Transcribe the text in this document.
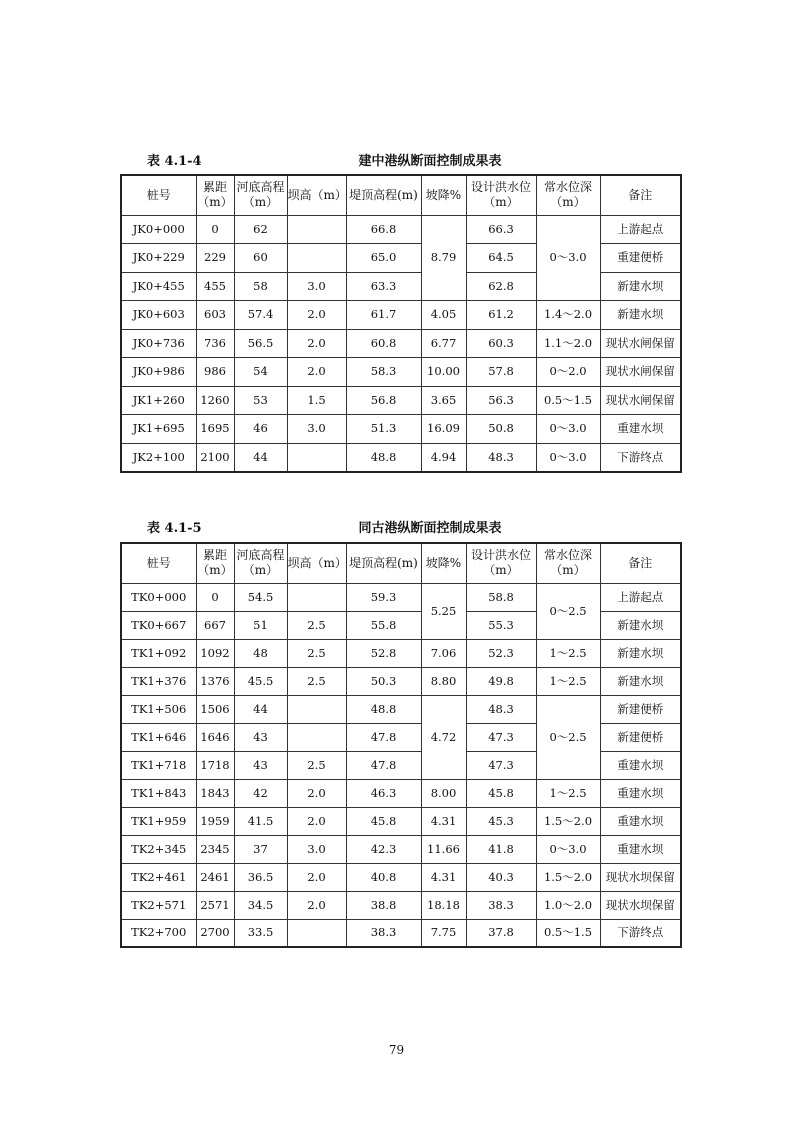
表 4.1-4	建中港纵断面控制成果表
桩号	累距（m）	河底高程（m）	坝高（m）	堤顶高程(m)	坡降%	设计洪水位（m）	常水位深（m）	备注
JK0+000	0	62		66.8	8.79	66.3	0～3.0	上游起点
JK0+229	229	60		65.0		64.5		重建便桥
JK0+455	455	58	3.0	63.3		62.8		新建水坝
JK0+603	603	57.4	2.0	61.7	4.05	61.2	1.4～2.0	新建水坝
JK0+736	736	56.5	2.0	60.8	6.77	60.3	1.1～2.0	现状水闸保留
JK0+986	986	54	2.0	58.3	10.00	57.8	0～2.0	现状水闸保留
JK1+260	1260	53	1.5	56.8	3.65	56.3	0.5～1.5	现状水闸保留
JK1+695	1695	46	3.0	51.3	16.09	50.8	0～3.0	重建水坝
JK2+100	2100	44		48.8	4.94	48.3	0～3.0	下游终点
表 4.1-5	同古港纵断面控制成果表
桩号	累距（m）	河底高程（m）	坝高（m）	堤顶高程(m)	坡降%	设计洪水位（m）	常水位深（m）	备注
TK0+000	0	54.5		59.3	5.25	58.8	0～2.5	上游起点
TK0+667	667	51	2.5	55.8		55.3		新建水坝
TK1+092	1092	48	2.5	52.8	7.06	52.3	1～2.5	新建水坝
TK1+376	1376	45.5	2.5	50.3	8.80	49.8	1～2.5	新建水坝
TK1+506	1506	44		48.8	4.72	48.3	0～2.5	新建便桥
TK1+646	1646	43		47.8		47.3		新建便桥
TK1+718	1718	43	2.5	47.8		47.3		重建水坝
TK1+843	1843	42	2.0	46.3	8.00	45.8	1～2.5	重建水坝
TK1+959	1959	41.5	2.0	45.8	4.31	45.3	1.5～2.0	重建水坝
TK2+345	2345	37	3.0	42.3	11.66	41.8	0～3.0	重建水坝
TK2+461	2461	36.5	2.0	40.8	4.31	40.3	1.5～2.0	现状水坝保留
TK2+571	2571	34.5	2.0	38.8	18.18	38.3	1.0～2.0	现状水坝保留
TK2+700	2700	33.5		38.3	7.75	37.8	0.5～1.5	下游终点
79
